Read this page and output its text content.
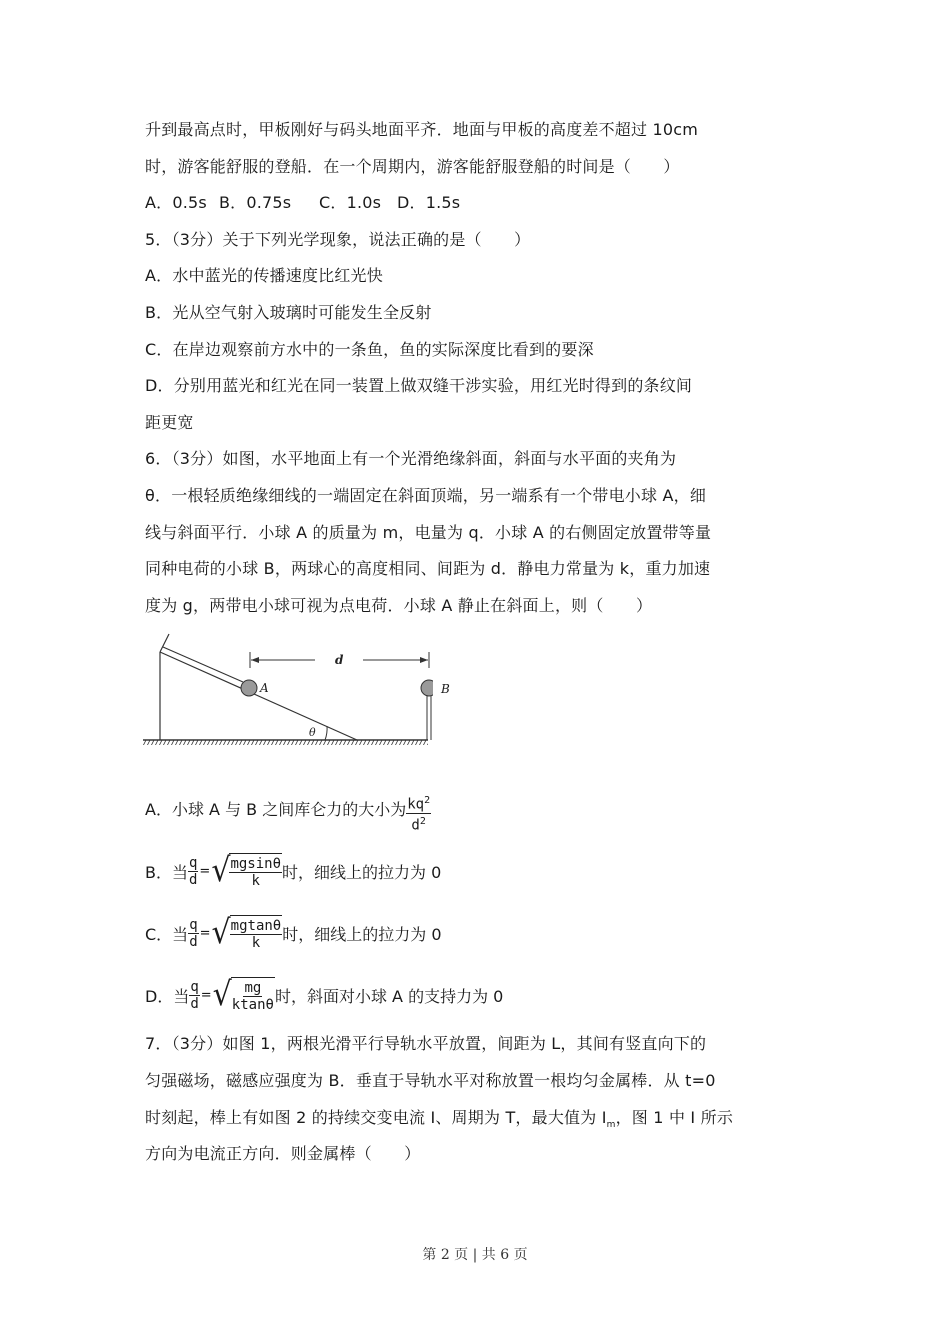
升到最高点时，甲板刚好与码头地面平齐．地面与甲板的高度差不超过 10cm
时，游客能舒服的登船．在一个周期内，游客能舒服登船的时间是（　　）
A．0.5s B．0.75s C．1.0s D．1.5s
5．（3分）关于下列光学现象，说法正确的是（　　）
A．水中蓝光的传播速度比红光快
B．光从空气射入玻璃时可能发生全反射
C．在岸边观察前方水中的一条鱼，鱼的实际深度比看到的要深
D．分别用蓝光和红光在同一装置上做双缝干涉实验，用红光时得到的条纹间
距更宽
6．（3分）如图，水平地面上有一个光滑绝缘斜面，斜面与水平面的夹角为
θ．一根轻质绝缘细线的一端固定在斜面顶端，另一端系有一个带电小球 A，细
线与斜面平行．小球 A 的质量为 m，电量为 q．小球 A 的右侧固定放置带等量
同种电荷的小球 B，两球心的高度相同、间距为 d．静电力常量为 k，重力加速
度为 g，两带电小球可视为点电荷．小球 A 静止在斜面上，则（　　）
A
d
θ
B
A．小球 A 与 B 之间库仑力的大小为 $\frac{kq^2}{d^2}$
B．当 $\frac{q}{d}$ = √ $\frac{mgsin\theta}{k}$ 时，细线上的拉力为 0
C．当 $\frac{q}{d}$ = √ $\frac{mgtan\theta}{k}$ 时，细线上的拉力为 0
D．当 $\frac{q}{d}$ = √ $\frac{mg}{ktan\theta}$ 时，斜面对小球 A 的支持力为 0
7．（3分）如图 1，两根光滑平行导轨水平放置，间距为 L，其间有竖直向下的
匀强磁场，磁感应强度为 B．垂直于导轨水平对称放置一根均匀金属棒．从 t=0
时刻起，棒上有如图 2 的持续交变电流 I、周期为 T，最大值为 $I_m$，图 1 中 I 所示
方向为电流正方向．则金属棒（　　）
第 2 页 | 共 6 页
